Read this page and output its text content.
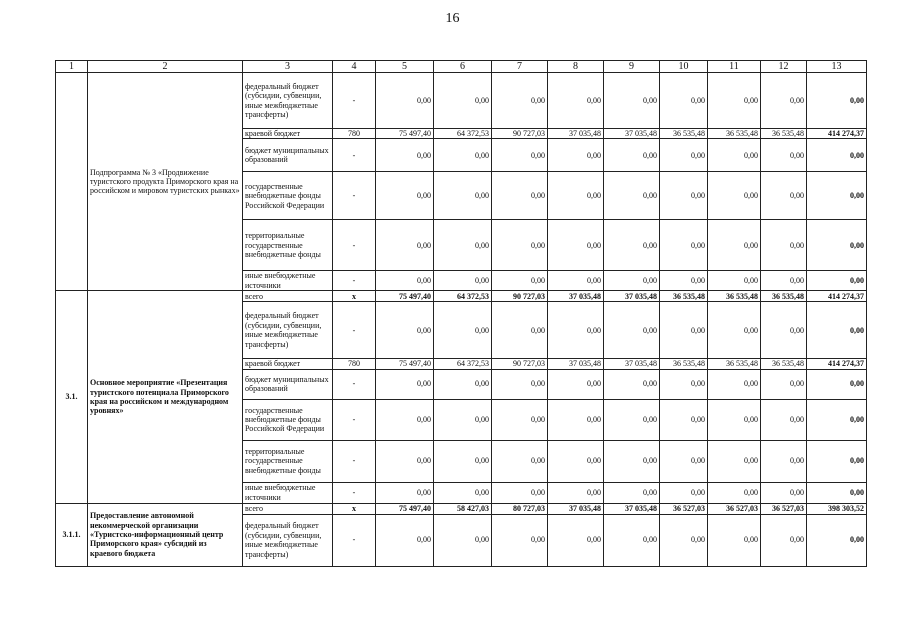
16
1	2	3	4	5	6	7	8	9	10	11	12	13
	Подпрограмма № 3 «Продвижение туристского продукта Приморского края на российском и мировом туристских рынках»	федеральный бюджет (субсидии, субвенции, иные межбюджетные трансферты)	-	0,00	0,00	0,00	0,00	0,00	0,00	0,00	0,00	0,00
		краевой бюджет	780	75 497,40	64 372,53	90 727,03	37 035,48	37 035,48	36 535,48	36 535,48	36 535,48	414 274,37
		бюджет муниципальных образований	-	0,00	0,00	0,00	0,00	0,00	0,00	0,00	0,00	0,00
		государственные внебюджетные фонды Российской Федерации	-	0,00	0,00	0,00	0,00	0,00	0,00	0,00	0,00	0,00
		территориальные государственные внебюджетные фонды	-	0,00	0,00	0,00	0,00	0,00	0,00	0,00	0,00	0,00
		иные внебюджетные источники	-	0,00	0,00	0,00	0,00	0,00	0,00	0,00	0,00	0,00
3.1.	Основное мероприятие «Презентация туристского потенциала Приморского края на российском и международном уровнях»	всего	x	75 497,40	64 372,53	90 727,03	37 035,48	37 035,48	36 535,48	36 535,48	36 535,48	414 274,37
		федеральный бюджет (субсидии, субвенции, иные межбюджетные трансферты)	-	0,00	0,00	0,00	0,00	0,00	0,00	0,00	0,00	0,00
		краевой бюджет	780	75 497,40	64 372,53	90 727,03	37 035,48	37 035,48	36 535,48	36 535,48	36 535,48	414 274,37
		бюджет муниципальных образований	-	0,00	0,00	0,00	0,00	0,00	0,00	0,00	0,00	0,00
		государственные внебюджетные фонды Российской Федерации	-	0,00	0,00	0,00	0,00	0,00	0,00	0,00	0,00	0,00
		территориальные государственные внебюджетные фонды	-	0,00	0,00	0,00	0,00	0,00	0,00	0,00	0,00	0,00
		иные внебюджетные источники	-	0,00	0,00	0,00	0,00	0,00	0,00	0,00	0,00	0,00
3.1.1.	Предоставление автономной некоммерческой организации «Туристско-информационный центр Приморского края» субсидий из краевого бюджета	всего	x	75 497,40	58 427,03	80 727,03	37 035,48	37 035,48	36 527,03	36 527,03	36 527,03	398 303,52
		федеральный бюджет (субсидии, субвенции, иные межбюджетные трансферты)	-	0,00	0,00	0,00	0,00	0,00	0,00	0,00	0,00	0,00
